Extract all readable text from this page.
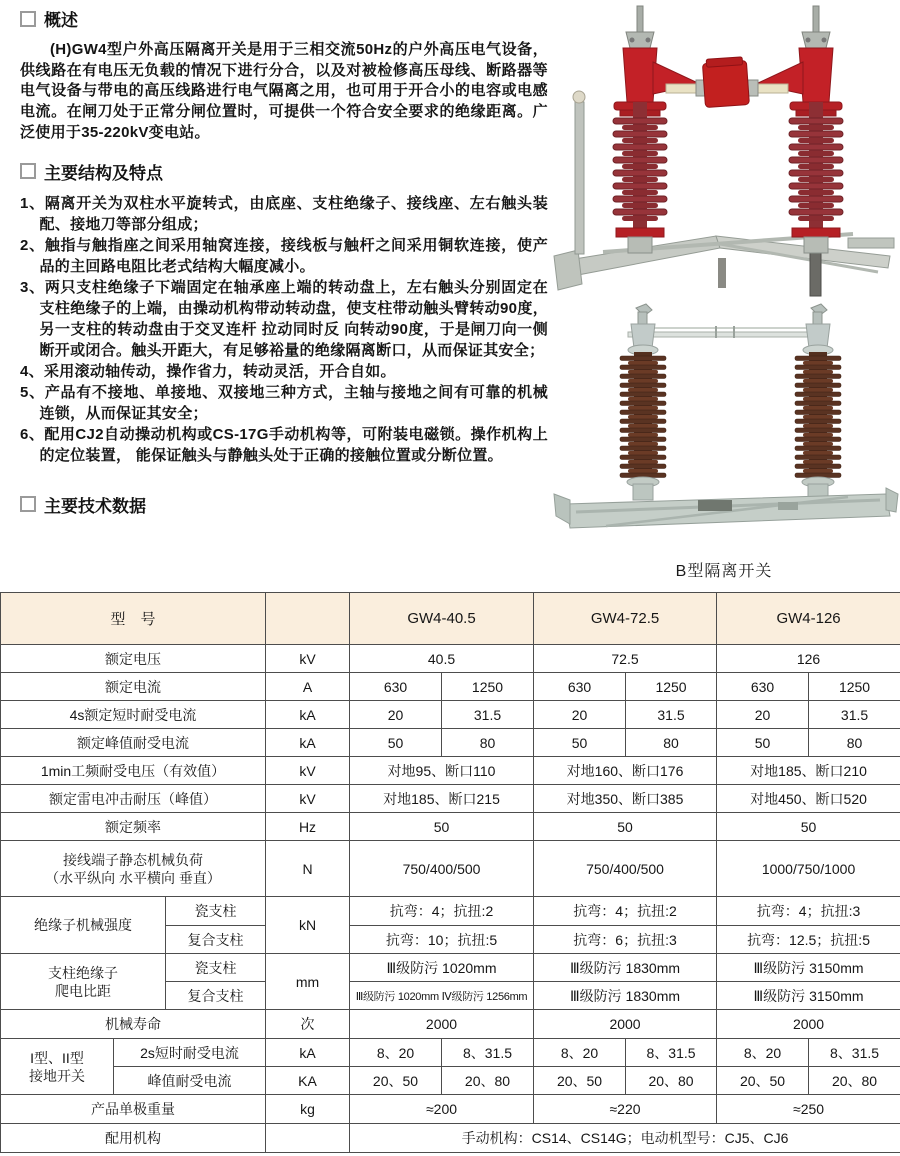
概述

(H)GW4型户外高压隔离开关是用于三相交流50Hz的户外高压电气设备，供线路在有电压无负载的情况下进行分合，以及对被检修高压母线、断路器等电气设备与带电的高压线路进行电气隔离之用，也可用于开合小的电容或电感电流。在闸刀处于正常分闸位置时，可提供一个符合安全要求的绝缘距离。广泛使用于35-220kV变电站。

主要结构及特点
1、隔离开关为双柱水平旋转式，由底座、支柱绝缘子、接线座、左右触头装配、接地刀等部分组成；
2、触指与触指座之间采用轴窝连接，接线板与触杆之间采用铜软连接，使产品的主回路电阻比老式结构大幅度减小。
3、两只支柱绝缘子下端固定在轴承座上端的转动盘上，左右触头分别固定在支柱绝缘子的上端，由操动机构带动转动盘，使支柱带动触头臂转动90度，另一支柱的转动盘由于交叉连杆 拉动同时反 向转动90度，于是闸刀向一侧断开或闭合。触头开距大，有足够裕量的绝缘隔离断口，从而保证其安全；
4、采用滚动轴传动，操作省力，转动灵活，开合自如。
5、产品有不接地、单接地、双接地三种方式，主轴与接地之间有可靠的机械连锁，从而保证其安全；
6、配用CJ2自动操动机构或CS-17G手动机构等，可附装电磁锁。操作机构上的定位装置， 能保证触头与静触头处于正确的接触位置或分断位置。
主要技术数据
B型隔离开关
型　号				GW4-40.5		GW4-72.5		GW4-126	
额定电压			kV	40.5		72.5		126	
额定电流			A	630	1250	630	1250	630	1250
4s额定短时耐受电流			kA	20	31.5	20	31.5	20	31.5
额定峰值耐受电流			kA	50	80	50	80	50	80
1min工频耐受电压（有效值）			kV	对地95、断口110		对地160、断口176		对地185、断口210	
额定雷电冲击耐压（峰值）			kV	对地185、断口215		对地350、断口385		对地450、断口520	
额定频率			Hz	50		50		50	

接线端子静态机械负荷
（水平纵向 水平横向 垂直）			N	750/400/500		750/400/500		1000/750/1000	
绝缘子机械强度		瓷支柱	kN	抗弯：4；抗扭:2		抗弯：4；抗扭:2		抗弯：4；抗扭:3	
		复合支柱		抗弯：10；抗扭:5		抗弯：6；抗扭:3		抗弯：12.5；抗扭:5	

支柱绝缘子
爬电比距		瓷支柱	mm	Ⅲ级防污 1020mm		Ⅲ级防污 1830mm		Ⅲ级防污 3150mm	
		复合支柱		Ⅲ级防污 1020mm Ⅳ级防污 1256mm		Ⅲ级防污 1830mm		Ⅲ级防污 3150mm	
机械寿命			次	2000		2000		2000	

I型、II型
接地开关	2s短时耐受电流		kA	8、20	8、31.5	8、20	8、31.5	8、20	8、31.5
	峰值耐受电流		KA	20、50	20、80	20、50	20、80	20、50	20、80
产品单极重量			kg	≈200		≈220		≈250	
配用机构				手动机构：CS14、CS14G；电动机型号：CJ5、CJ6					
